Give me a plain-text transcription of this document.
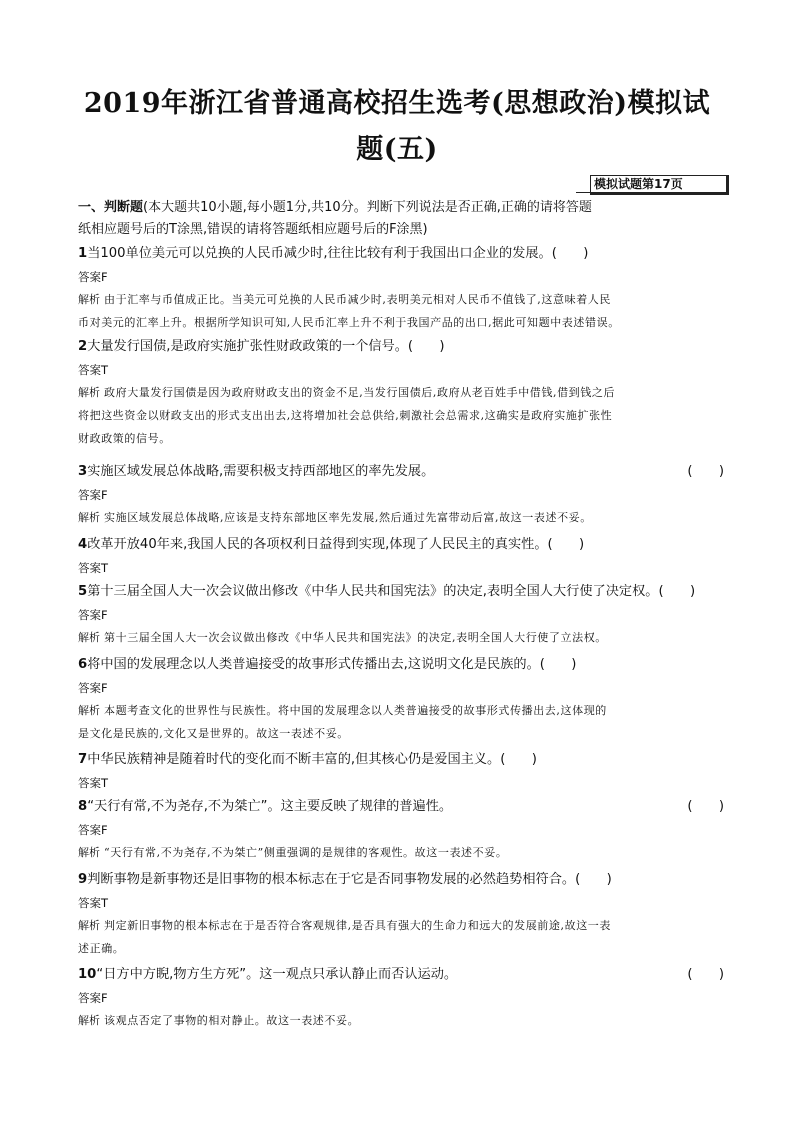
2019年浙江省普通高校招生选考(思想政治)模拟试
题(五)
模拟试题第17页
一、判断题(本大题共10小题,每小题1分,共10分。判断下列说法是否正确,正确的请将答题
纸相应题号后的T涂黑,错误的请将答题纸相应题号后的F涂黑)
1当100单位美元可以兑换的人民币减少时,往往比较有利于我国出口企业的发展。(　　)
答案F
解析 由于汇率与币值成正比。当美元可兑换的人民币减少时,表明美元相对人民币不值钱了,这意味着人民
币对美元的汇率上升。根据所学知识可知,人民币汇率上升不利于我国产品的出口,据此可知题中表述错误。
2大量发行国债,是政府实施扩张性财政政策的一个信号。(　　)
答案T
解析 政府大量发行国债是因为政府财政支出的资金不足,当发行国债后,政府从老百姓手中借钱,借到钱之后
将把这些资金以财政支出的形式支出出去,这将增加社会总供给,刺激社会总需求,这确实是政府实施扩张性
财政政策的信号。
3实施区域发展总体战略,需要积极支持西部地区的率先发展。	(　　)
答案F
解析 实施区域发展总体战略,应该是支持东部地区率先发展,然后通过先富带动后富,故这一表述不妥。
4改革开放40年来,我国人民的各项权利日益得到实现,体现了人民民主的真实性。(　　)
答案T
5第十三届全国人大一次会议做出修改《中华人民共和国宪法》的决定,表明全国人大行使了决定权。(　　)
答案F
解析 第十三届全国人大一次会议做出修改《中华人民共和国宪法》的决定,表明全国人大行使了立法权。
6将中国的发展理念以人类普遍接受的故事形式传播出去,这说明文化是民族的。(　　)
答案F
解析 本题考查文化的世界性与民族性。将中国的发展理念以人类普遍接受的故事形式传播出去,这体现的
是文化是民族的,文化又是世界的。故这一表述不妥。
7中华民族精神是随着时代的变化而不断丰富的,但其核心仍是爱国主义。(　　)
答案T
8“天行有常,不为尧存,不为桀亡”。这主要反映了规律的普遍性。	(　　)
答案F
解析 “天行有常,不为尧存,不为桀亡”侧重强调的是规律的客观性。故这一表述不妥。
9判断事物是新事物还是旧事物的根本标志在于它是否同事物发展的必然趋势相符合。(　　)
答案T
解析 判定新旧事物的根本标志在于是否符合客观规律,是否具有强大的生命力和远大的发展前途,故这一表
述正确。
10“日方中方睨,物方生方死”。这一观点只承认静止而否认运动。	(　　)
答案F
解析 该观点否定了事物的相对静止。故这一表述不妥。
